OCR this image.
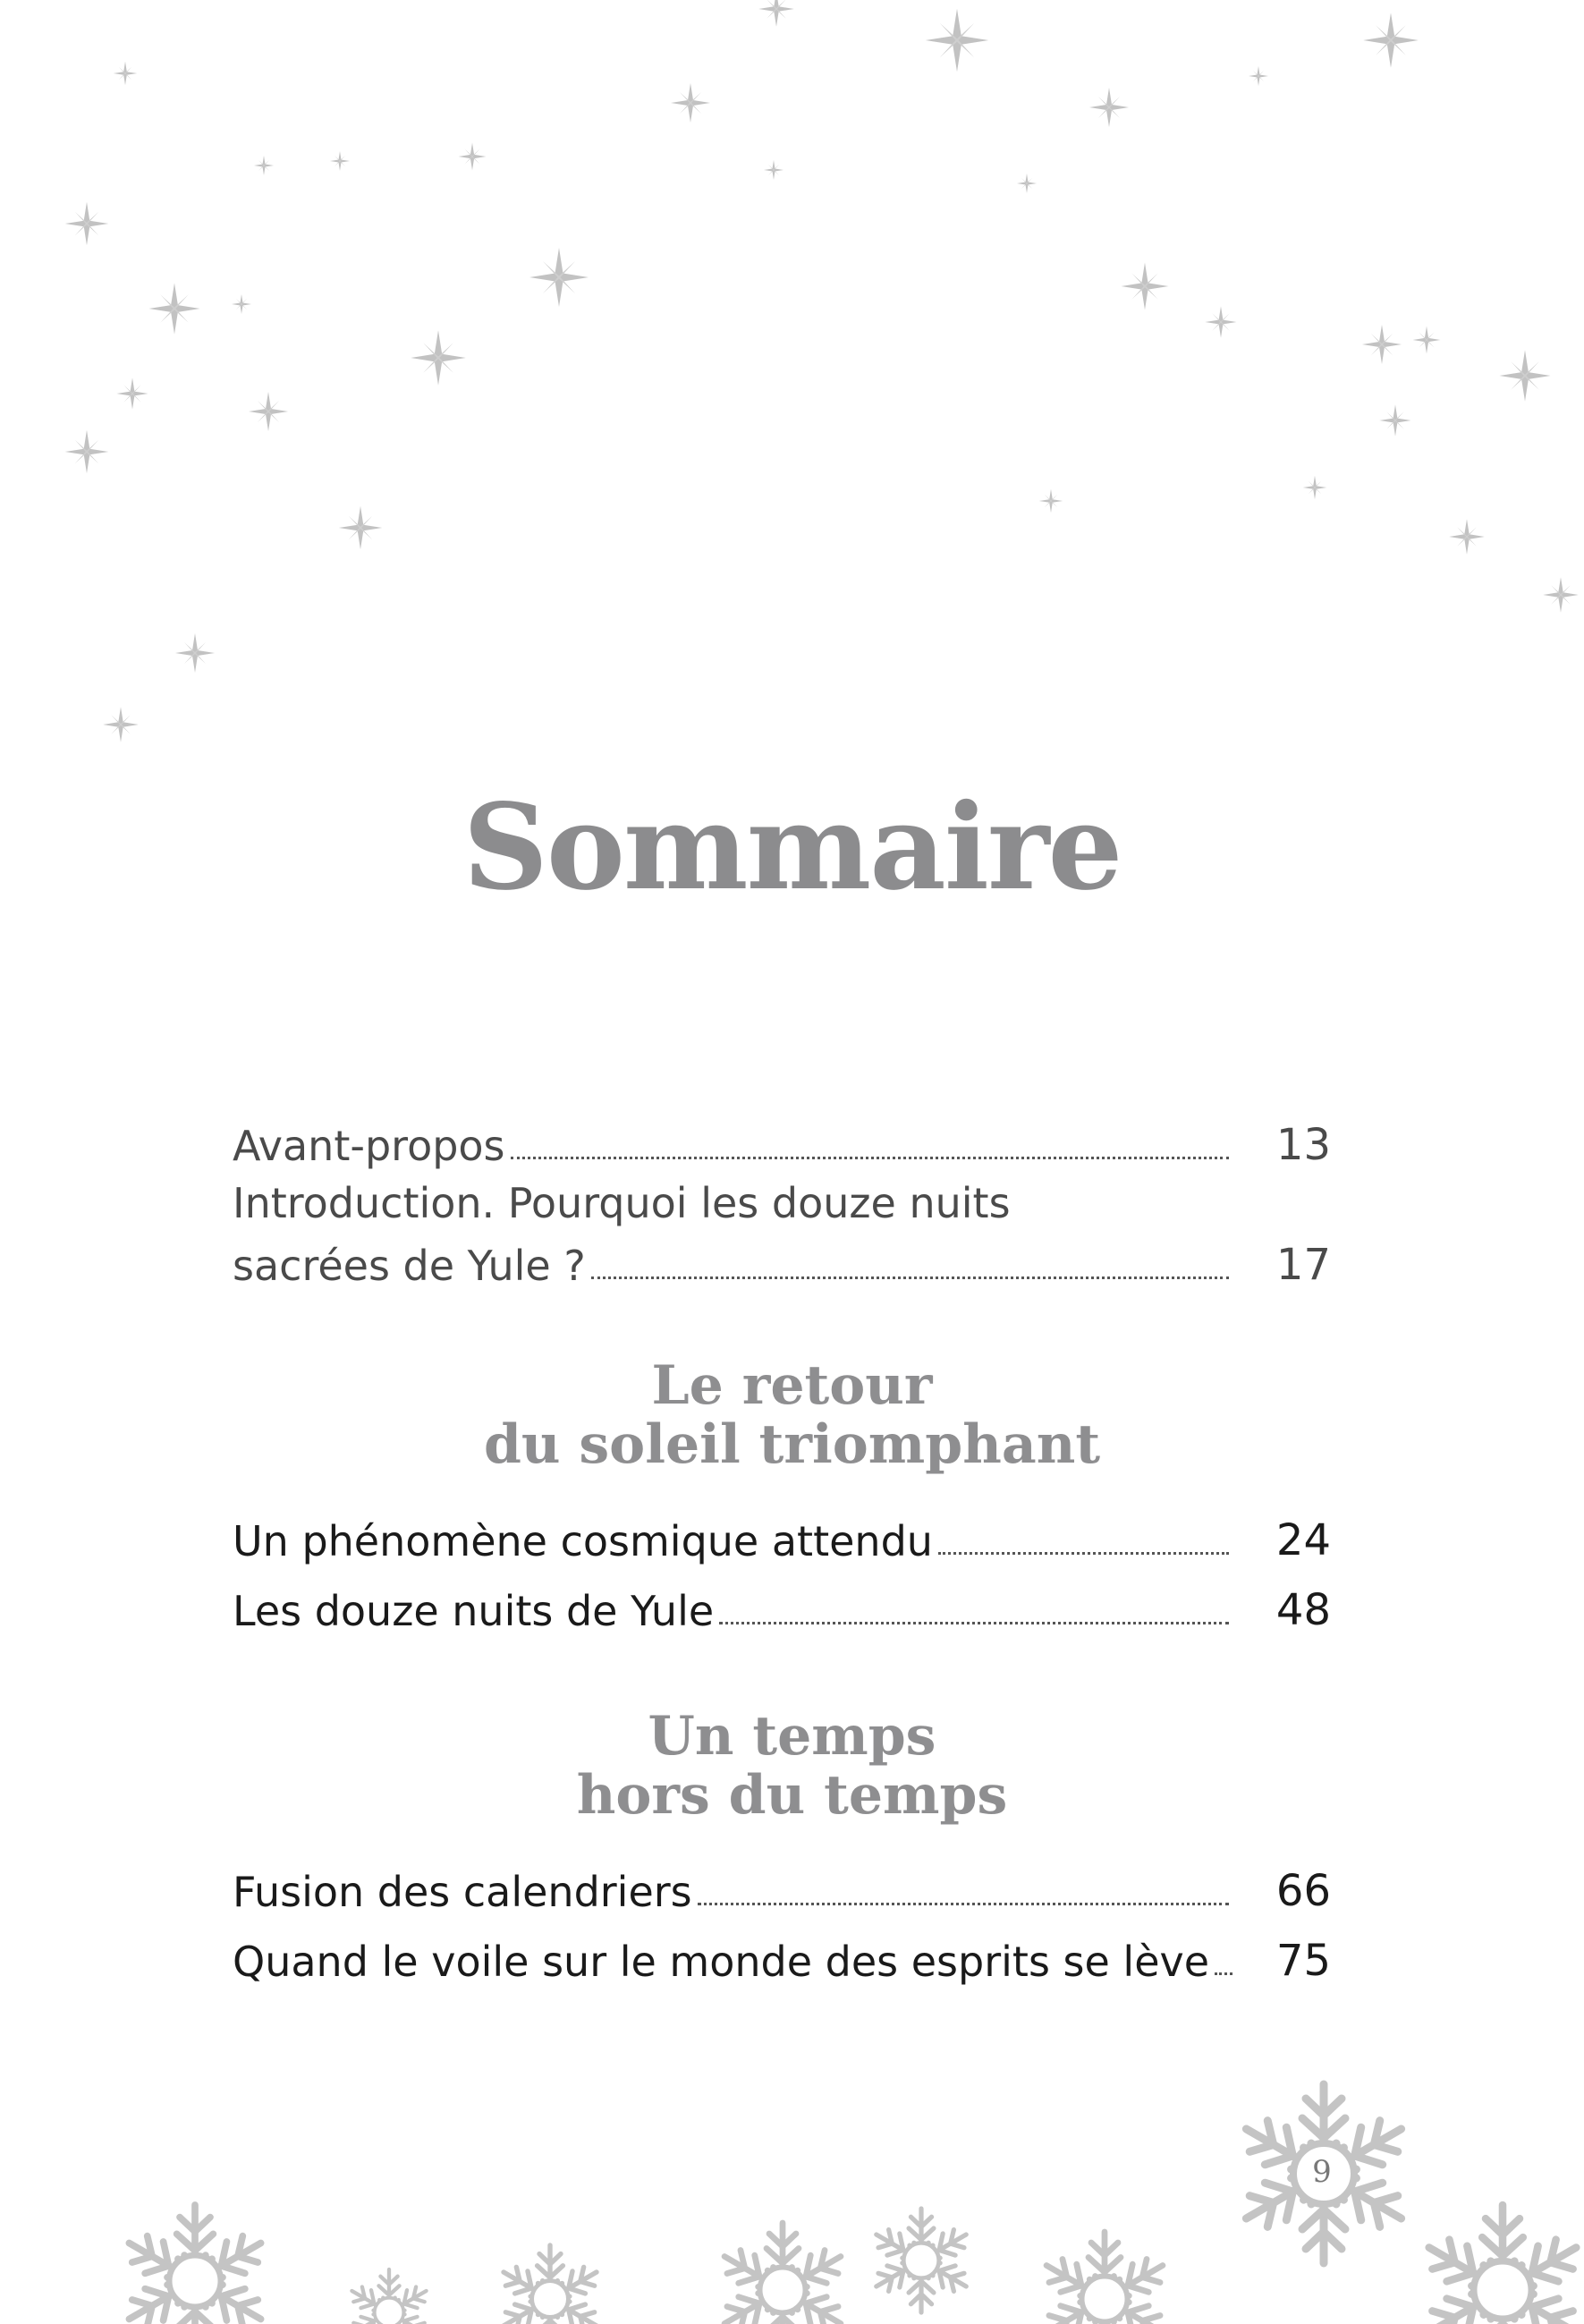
Sommaire
Avant-propos	13
Introduction. Pourquoi les douze nuits
sacrées de Yule ?	17
Le retour
du soleil triomphant
Un phénomène cosmique attendu	24
Les douze nuits de Yule	48
Un temps
hors du temps
Fusion des calendriers	66
Quand le voile sur le monde des esprits se lève 75
9
